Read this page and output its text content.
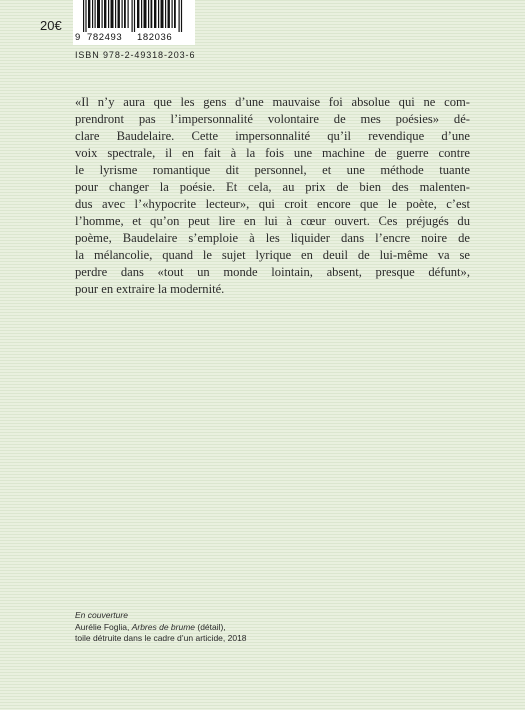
20€
9 782493 182036
ISBN 978-2-49318-203-6

«Il n’y aura que les gens d’une mauvaise foi absolue qui ne com-

prendront pas l’impersonnalité volontaire de mes poésies» dé-

clare Baudelaire. Cette impersonnalité qu’il revendique d’une

voix spectrale, il en fait à la fois une machine de guerre contre

le lyrisme romantique dit personnel, et une méthode tuante

pour changer la poésie. Et cela, au prix de bien des malenten-

dus avec l’«hypocrite lecteur», qui croit encore que le poète, c’est

l’homme, et qu’on peut lire en lui à cœur ouvert. Ces préjugés du

poème, Baudelaire s’emploie à les liquider dans l’encre noire de

la mélancolie, quand le sujet lyrique en deuil de lui-même va se

perdre dans «tout un monde lointain, absent, presque défunt»,

pour en extraire la modernité.

En couverture
Aurélie Foglia, Arbres de brume (détail),
toile détruite dans le cadre d’un articide, 2018
